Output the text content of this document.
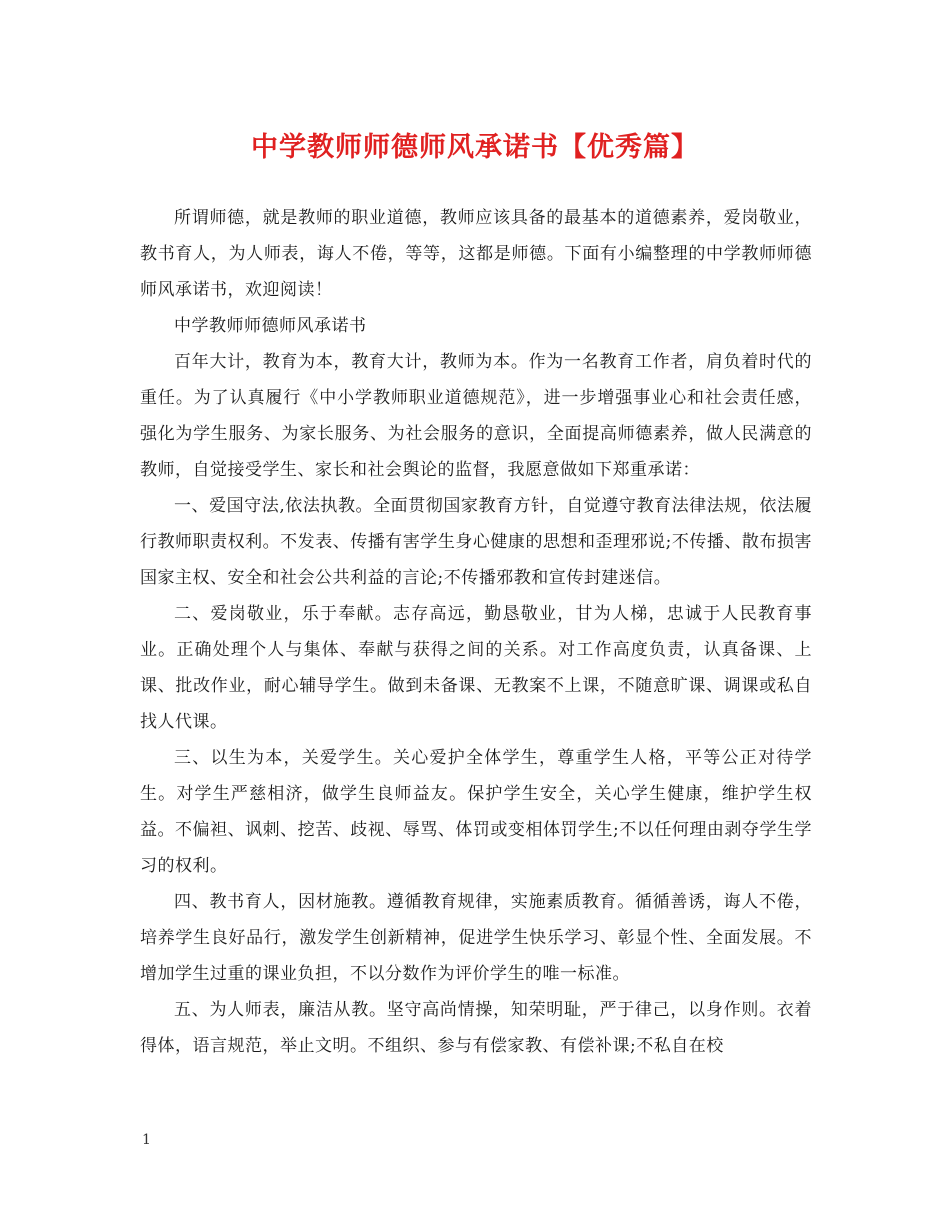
中学教师师德师风承诺书【优秀篇】

所谓师德，就是教师的职业道德，教师应该具备的最基本的道德素养，爱岗敬业，教书育人，为人师表，诲人不倦，等等，这都是师德。下面有小编整理的中学教师师德师风承诺书，欢迎阅读！

中学教师师德师风承诺书

百年大计，教育为本，教育大计，教师为本。作为一名教育工作者，肩负着时代的重任。为了认真履行《中小学教师职业道德规范》，进一步增强事业心和社会责任感，强化为学生服务、为家长服务、为社会服务的意识，全面提高师德素养，做人民满意的教师，自觉接受学生、家长和社会舆论的监督，我愿意做如下郑重承诺：

一、爱国守法,依法执教。全面贯彻国家教育方针，自觉遵守教育法律法规，依法履行教师职责权利。不发表、传播有害学生身心健康的思想和歪理邪说;不传播、散布损害国家主权、安全和社会公共利益的言论;不传播邪教和宣传封建迷信。

二、爱岗敬业，乐于奉献。志存高远，勤恳敬业，甘为人梯，忠诚于人民教育事业。正确处理个人与集体、奉献与获得之间的关系。对工作高度负责，认真备课、上课、批改作业，耐心辅导学生。做到未备课、无教案不上课，不随意旷课、调课或私自找人代课。

三、以生为本，关爱学生。关心爱护全体学生，尊重学生人格，平等公正对待学生。对学生严慈相济，做学生良师益友。保护学生安全，关心学生健康，维护学生权益。不偏袒、讽刺、挖苦、歧视、辱骂、体罚或变相体罚学生;不以任何理由剥夺学生学习的权利。

四、教书育人，因材施教。遵循教育规律，实施素质教育。循循善诱，诲人不倦，培养学生良好品行，激发学生创新精神，促进学生快乐学习、彰显个性、全面发展。不增加学生过重的课业负担，不以分数作为评价学生的唯一标准。

五、为人师表，廉洁从教。坚守高尚情操，知荣明耻，严于律己，以身作则。衣着得体，语言规范，举止文明。不组织、参与有偿家教、有偿补课;不私自在校

1
